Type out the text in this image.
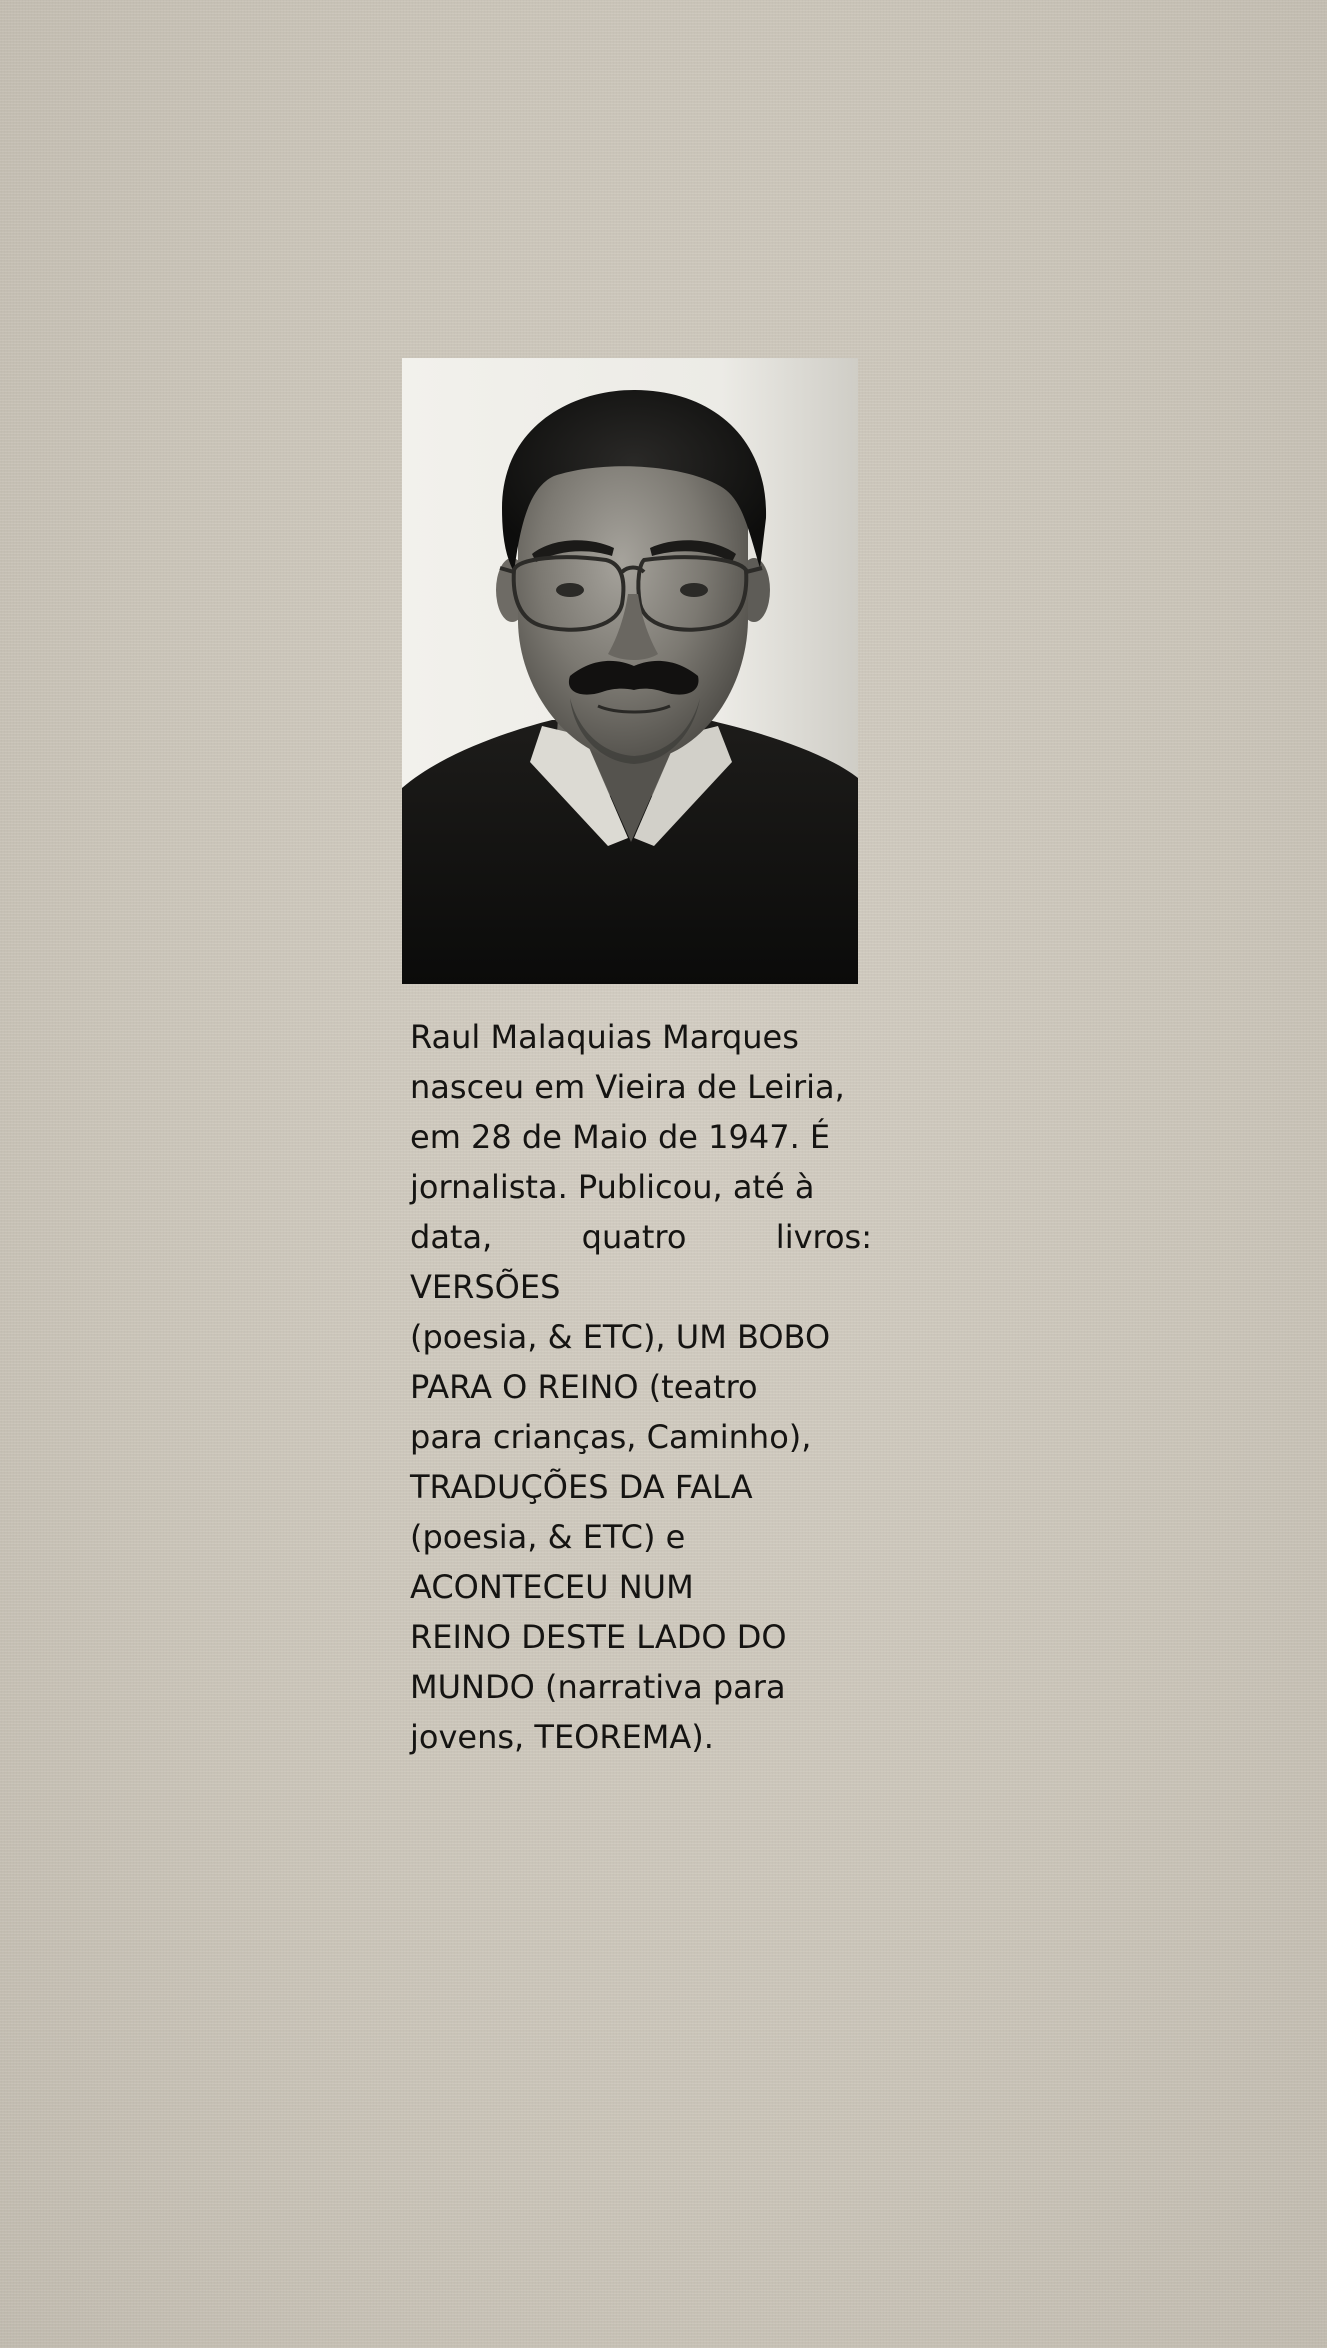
Raul Malaquias Marques
nasceu em Vieira de Leiria,
em 28 de Maio de 1947. É
jornalista. Publicou, até à
data, quatro livros: VERSÕES
(poesia, & ETC), UM BOBO
PARA O REINO (teatro
para crianças, Caminho),
TRADUÇÕES DA FALA
(poesia, & ETC) e
ACONTECEU NUM
REINO DESTE LADO DO
MUNDO (narrativa para
jovens, TEOREMA).
